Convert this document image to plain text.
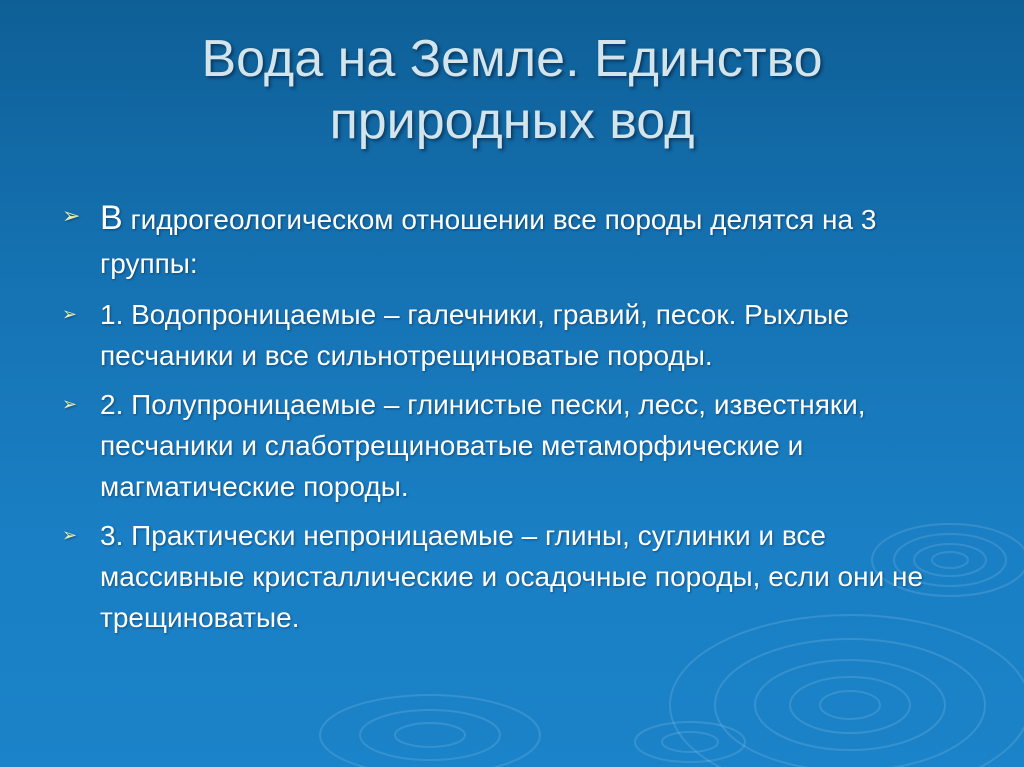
Вода на Земле. Единство
природных вод
➢ В гидрогеологическом отношении все породы делятся на 3 группы:
➢ 1. Водопроницаемые – галечники, гравий, песок. Рыхлые песчаники и все сильнотрещиноватые породы.
➢ 2. Полупроницаемые – глинистые пески, лесс, известняки, песчаники и слаботрещиноватые метаморфические и магматические породы.
➢ 3. Практически непроницаемые – глины, суглинки и все массивные кристаллические и осадочные породы, если они не трещиноватые.
